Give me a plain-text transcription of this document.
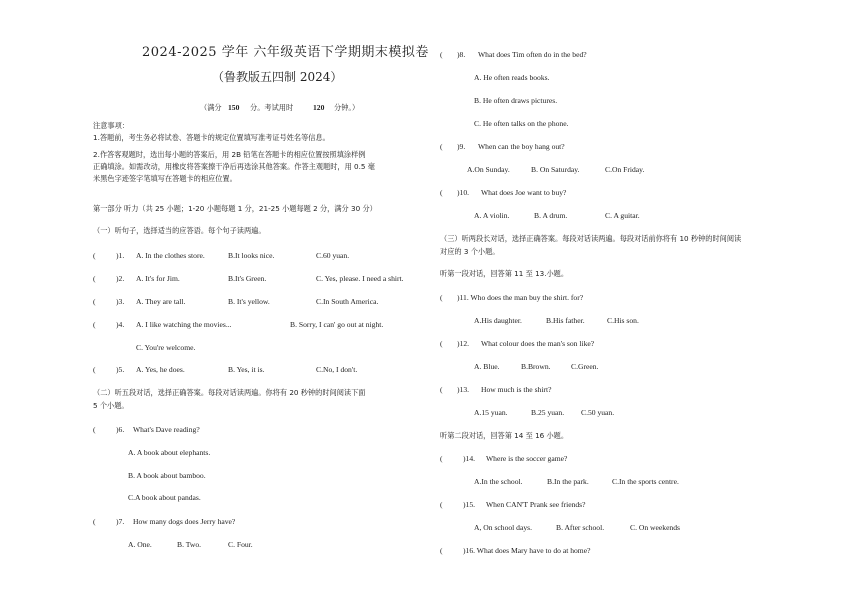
2024-2025 学年 六年级英语下学期期末模拟卷
（鲁教版五四制 2024）
（满分 150 分。考试用时	120 分钟。）
注意事项：
1.答题前，考生务必将试卷、答题卡的规定位置填写准考证号姓名等信息。
2.作答客观题时，选出每小题的答案后，用 2B 铅笔在答题卡的相应位置按照填涂样例
正确填涂。如需改动，用橡皮将答案擦干净后再选涂其他答案。作答主观题时，用 0.5 毫
米黑色字迹签字笔填写在答题卡的相应位置。
第一部分 听力（共 25 小题；1-20 小题每题 1 分，21-25 小题每题 2 分，满分 30 分）
（一）听句子，选择适当的应答语。每个句子读两遍。
(	)1. A. In the clothes store.	B.It looks nice.	C.60 yuan.
(	)2. A. It's for Jim.	B.It's Green.	C. Yes, please. I need a shirt.
(	)3. A. They are tall.	B. It's yellow.	C.In South America.
(	)4. A. I like watching the movies...	B. Sorry, I can' go out at night.
C. You're welcome.
(	)5. A. Yes, he does.	B. Yes, it is.	C.No, I don't.
（二）听五段对话，选择正确答案。每段对话读两遍。你将有 20 秒钟的时间阅读下面
5 个小题。
(	)6. What's Dave reading?
A. A book about elephants.
B. A book about bamboo.
C.A book about pandas.
(	)7. How many dogs does Jerry have?
A. One.	B. Two.	C. Four.
( )8. What does Tim often do in the bed?
A. He often reads books.
B. He often draws pictures.
C. He often talks on the phone.
( )9. When can the boy hang out?
A.On Sunday.	B. On Saturday.	C.On Friday.
( )10. What does Joe want to buy?
A. A violin.	B. A drum.	C. A guitar.
（三）听两段长对话，选择正确答案。每段对话读两遍。每段对话前你将有 10 秒钟的时间阅读
对应的 3 个小题。
听第一段对话，回答第 11 至 13.小题。
( )11. Who does the man buy the shirt. for?
A.His daughter.	B.His father.	C.His son.
( )12. What colour does the man's son like?
A. Blue.	B.Brown.	C.Green.
( )13. How much is the shirt?
A.15 yuan.	B.25 yuan. C.50 yuan.
听第二段对话，回答第 14 至 16 小题。
(	)14. Where is the soccer game?
A.In the school.	B.In the park.	C.In the sports centre.
(	)15. When CAN'T Prank see friends?
A, On school days.	B. After school.	C. On weekends
(	)16. What does Mary have to do at home?
